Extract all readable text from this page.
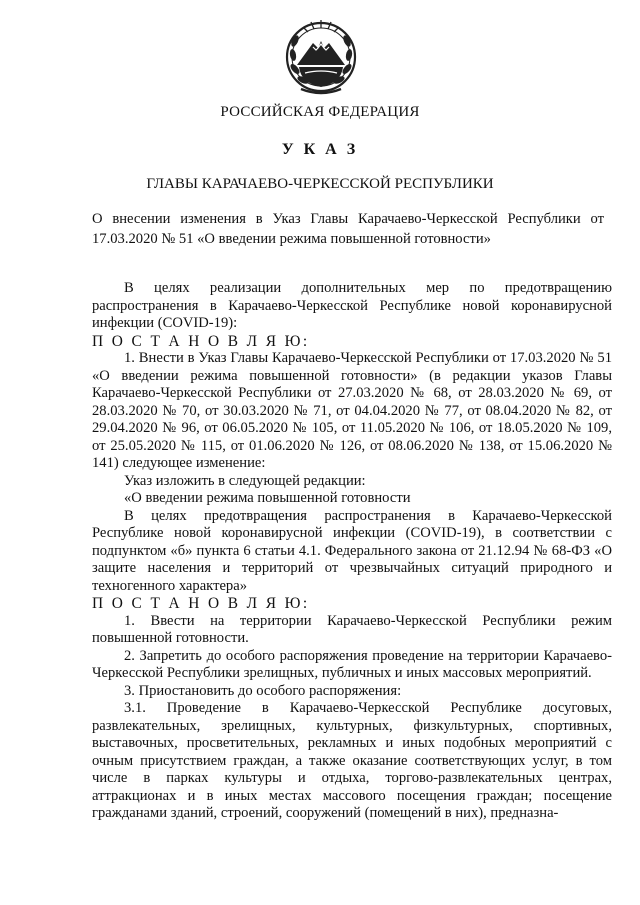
РОССИЙСКАЯ ФЕДЕРАЦИЯ
У К А З
ГЛАВЫ КАРАЧАЕВО-ЧЕРКЕССКОЙ РЕСПУБЛИКИ
О внесении изменения в Указ Главы Карачаево-Черкесской Республики от 17.03.2020 № 51 «О введении режима повышенной готовности»

В целях реализации дополнительных мер по предотвращению распространения в Карачаево-Черкесской Республике новой коронавирусной инфекции (COVID-19):

П О С Т А Н О В Л Я Ю:

1. Внести в Указ Главы Карачаево-Черкесской Республики от 17.03.2020 № 51 «О введении режима повышенной готовности» (в редакции указов Главы Карачаево-Черкесской Республики от 27.03.2020 № 68, от 28.03.2020 № 69, от 28.03.2020 № 70, от 30.03.2020 № 71, от 04.04.2020 № 77, от 08.04.2020 № 82, от 29.04.2020 № 96, от 06.05.2020 № 105, от 11.05.2020 № 106, от 18.05.2020 № 109, от 25.05.2020 № 115, от 01.06.2020 № 126, от 08.06.2020 № 138, от 15.06.2020 № 141) следующее изменение:

Указ изложить в следующей редакции:

«О введении режима повышенной готовности

В целях предотвращения распространения в Карачаево-Черкесской Республике новой коронавирусной инфекции (COVID-19), в соответствии с подпунктом «б» пункта 6 статьи 4.1. Федерального закона от 21.12.94 № 68-ФЗ «О защите населения и территорий от чрезвычайных ситуаций природного и техногенного характера»

П О С Т А Н О В Л Я Ю:

1. Ввести на территории Карачаево-Черкесской Республики режим повышенной готовности.

2. Запретить до особого распоряжения проведение на территории Карачаево-Черкесской Республики зрелищных, публичных и иных массовых мероприятий.

3. Приостановить до особого распоряжения:

3.1. Проведение в Карачаево-Черкесской Республике досуговых, развлекательных, зрелищных, культурных, физкультурных, спортивных, выставочных, просветительных, рекламных и иных подобных мероприятий с очным присутствием граждан, а также оказание соответствующих услуг, в том числе в парках культуры и отдыха, торгово-развлекательных центрах, аттракционах и в иных местах массового посещения граждан; посещение гражданами зданий, строений, сооружений (помещений в них), предназна-
